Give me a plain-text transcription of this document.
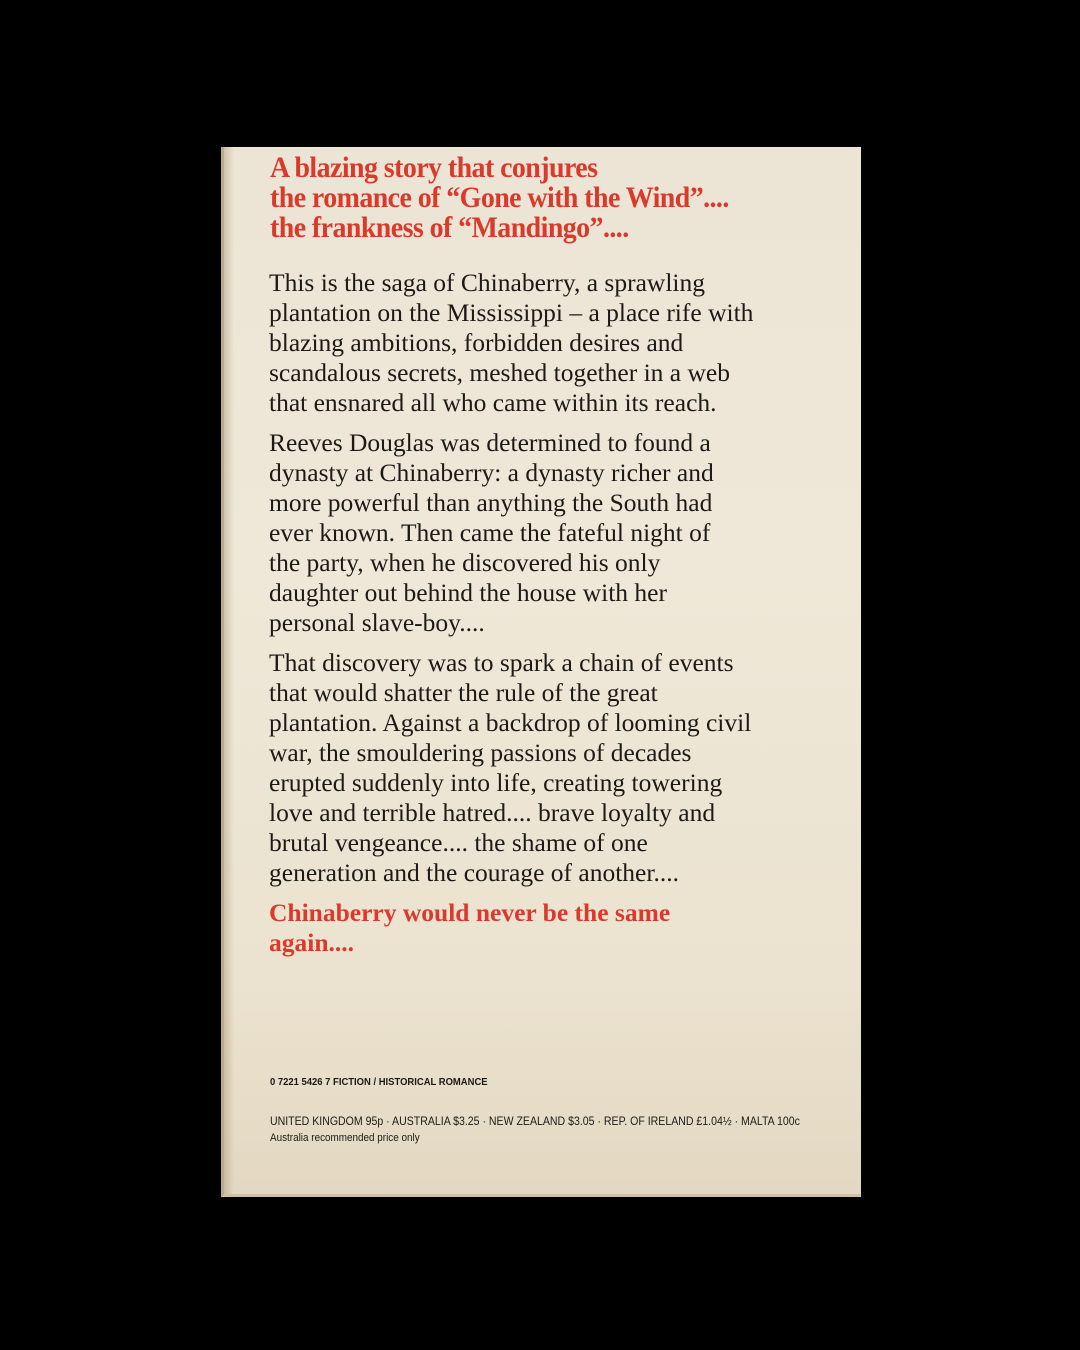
A blazing story that conjures
the romance of “Gone with the Wind”....
the frankness of “Mandingo”....

This is the saga of Chinaberry, a sprawling
plantation on the Mississippi – a place rife with
blazing ambitions, forbidden desires and
scandalous secrets, meshed together in a web
that ensnared all who came within its reach.

Reeves Douglas was determined to found a
dynasty at Chinaberry: a dynasty richer and
more powerful than anything the South had
ever known. Then came the fateful night of
the party, when he discovered his only
daughter out behind the house with her
personal slave-boy....

That discovery was to spark a chain of events
that would shatter the rule of the great
plantation. Against a backdrop of looming civil
war, the smouldering passions of decades
erupted suddenly into life, creating towering
love and terrible hatred.... brave loyalty and
brutal vengeance.... the shame of one
generation and the courage of another....

Chinaberry would never be the same
again....

0 7221 5426 7 FICTION / HISTORICAL ROMANCE
UNITED KINGDOM 95p · AUSTRALIA $3.25 · NEW ZEALAND $3.05 · REP. OF IRELAND £1.04½ · MALTA 100c
Australia recommended price only
